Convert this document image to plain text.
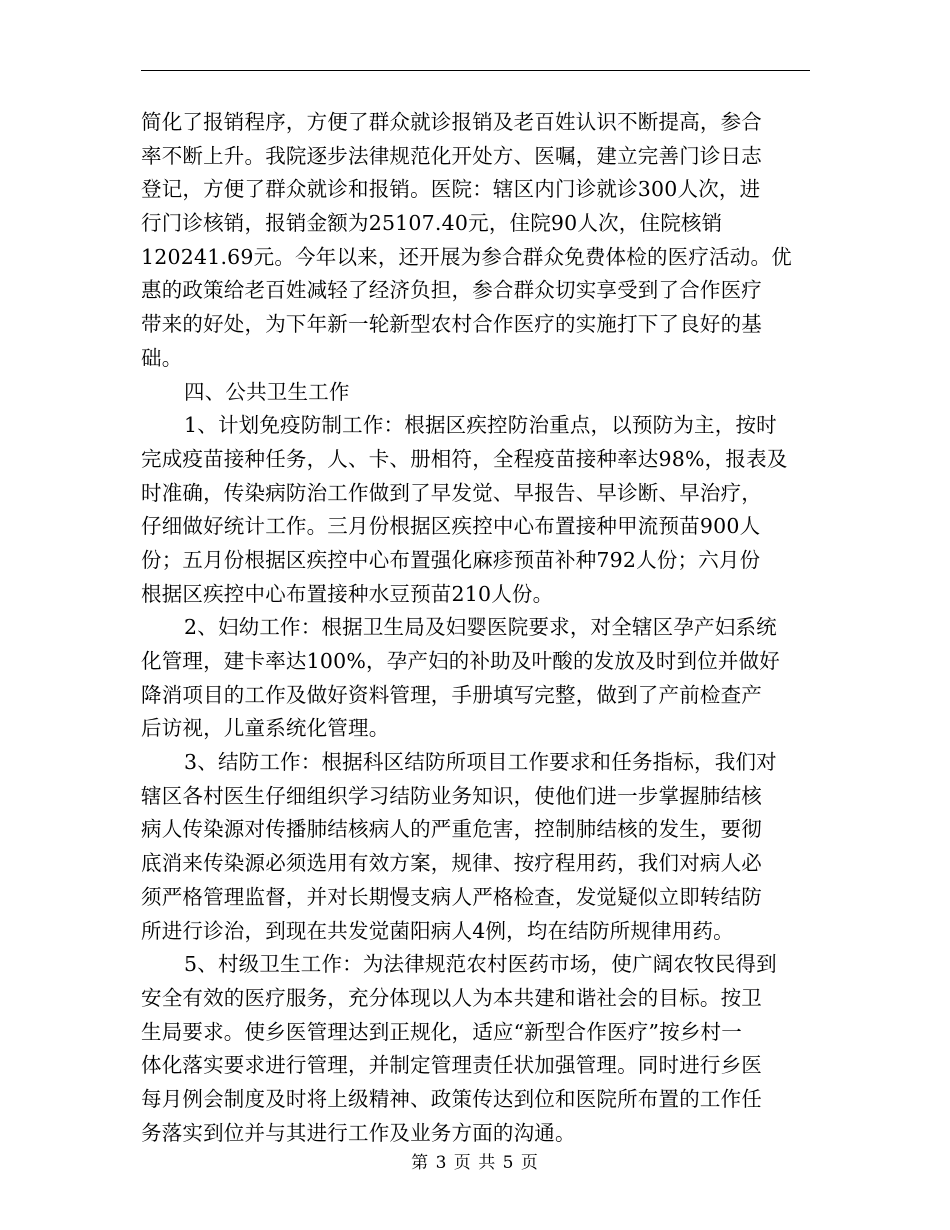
简化了报销程序，方便了群众就诊报销及老百姓认识不断提高，参合
率不断上升。我院逐步法律规范化开处方、医嘱，建立完善门诊日志
登记，方便了群众就诊和报销。医院：辖区内门诊就诊300人次，进
行门诊核销，报销金额为25107.40元，住院90人次，住院核销
120241.69元。今年以来，还开展为参合群众免费体检的医疗活动。优
惠的政策给老百姓减轻了经济负担，参合群众切实享受到了合作医疗
带来的好处，为下年新一轮新型农村合作医疗的实施打下了良好的基
础。
四、公共卫生工作
1、计划免疫防制工作：根据区疾控防治重点，以预防为主，按时
完成疫苗接种任务，人、卡、册相符，全程疫苗接种率达98%，报表及
时准确，传染病防治工作做到了早发觉、早报告、早诊断、早治疗，
仔细做好统计工作。三月份根据区疾控中心布置接种甲流预苗900人
份；五月份根据区疾控中心布置强化麻疹预苗补种792人份；六月份
根据区疾控中心布置接种水豆预苗210人份。
2、妇幼工作：根据卫生局及妇婴医院要求，对全辖区孕产妇系统
化管理，建卡率达100%，孕产妇的补助及叶酸的发放及时到位并做好
降消项目的工作及做好资料管理，手册填写完整，做到了产前检查产
后访视，儿童系统化管理。
3、结防工作：根据科区结防所项目工作要求和任务指标，我们对
辖区各村医生仔细组织学习结防业务知识，使他们进一步掌握肺结核
病人传染源对传播肺结核病人的严重危害，控制肺结核的发生，要彻
底消来传染源必须选用有效方案，规律、按疗程用药，我们对病人必
须严格管理监督，并对长期慢支病人严格检查，发觉疑似立即转结防
所进行诊治，到现在共发觉菌阳病人4例，均在结防所规律用药。
5、村级卫生工作：为法律规范农村医药市场，使广阔农牧民得到
安全有效的医疗服务，充分体现以人为本共建和谐社会的目标。按卫
生局要求。使乡医管理达到正规化，适应“新型合作医疗”按乡村一
体化落实要求进行管理，并制定管理责任状加强管理。同时进行乡医
每月例会制度及时将上级精神、政策传达到位和医院所布置的工作任
务落实到位并与其进行工作及业务方面的沟通。
第 3 页 共 5 页
